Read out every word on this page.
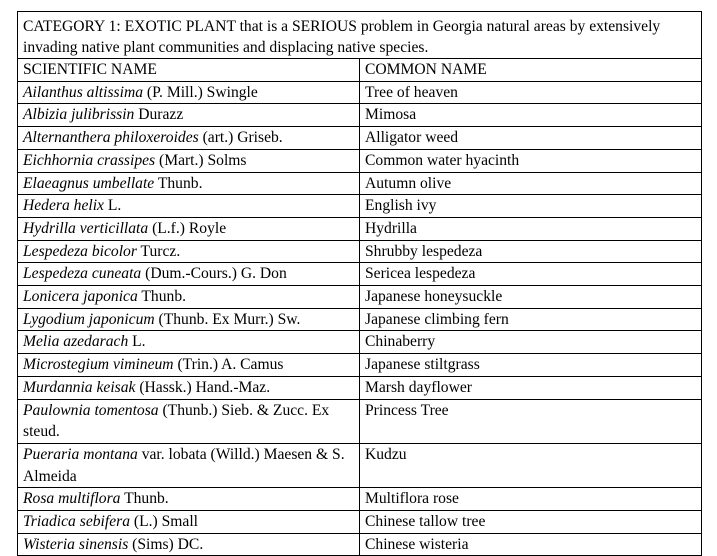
CATEGORY 1: EXOTIC PLANT that is a SERIOUS problem in Georgia natural areas by extensively invading native plant communities and displacing native species.	
SCIENTIFIC NAME	COMMON NAME
Ailanthus altissima (P. Mill.) Swingle	Tree of heaven
Albizia julibrissin Durazz	Mimosa
Alternanthera philoxeroides (art.) Griseb.	Alligator weed
Eichhornia crassipes (Mart.) Solms	Common water hyacinth
Elaeagnus umbellate Thunb.	Autumn olive
Hedera helix L.	English ivy
Hydrilla verticillata (L.f.) Royle	Hydrilla
Lespedeza bicolor Turcz.	Shrubby lespedeza
Lespedeza cuneata (Dum.-Cours.) G. Don	Sericea lespedeza
Lonicera japonica Thunb.	Japanese honeysuckle
Lygodium japonicum (Thunb. Ex Murr.) Sw.	Japanese climbing fern
Melia azedarach L.	Chinaberry
Microstegium vimineum (Trin.) A. Camus	Japanese stiltgrass
Murdannia keisak (Hassk.) Hand.-Maz.	Marsh dayflower
Paulownia tomentosa (Thunb.) Sieb. & Zucc. Ex steud.	Princess Tree
Pueraria montana var. lobata (Willd.) Maesen & S. Almeida	Kudzu
Rosa multiflora Thunb.	Multiflora rose
Triadica sebifera (L.) Small	Chinese tallow tree
Wisteria sinensis (Sims) DC.	Chinese wisteria
